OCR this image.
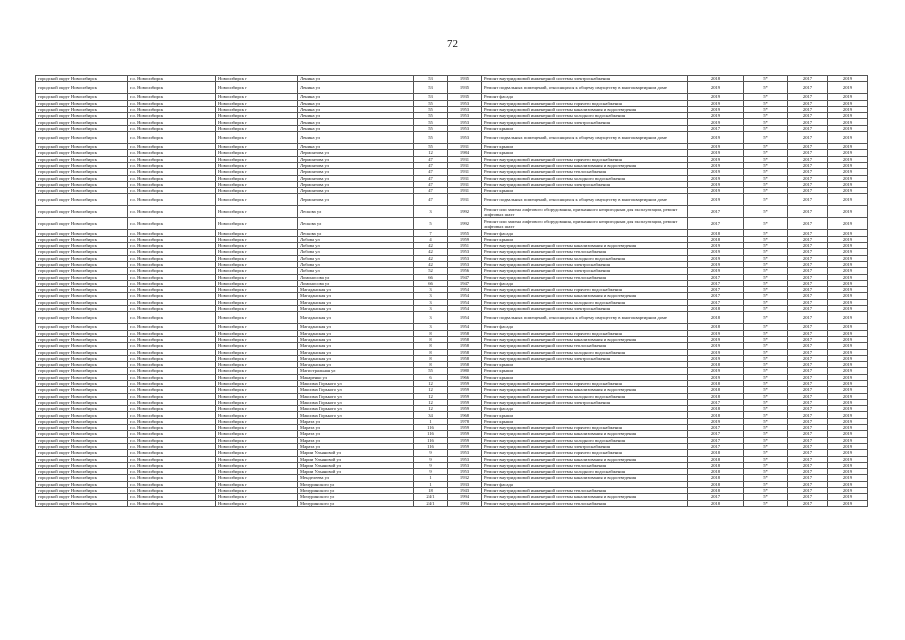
72
городской округ Новосибирск	г.о. Новосибирск	Новосибирск г	Ленина ул	53	1935	Ремонт внутридомовой инженерной системы электроснабжения	2018	5*	2017	2019
городской округ Новосибирск	г.о. Новосибирск	Новосибирск г	Ленина ул	53	1935	Ремонт подвальных помещений, относящихся к общему имуществу в многоквартирном доме	2019	5*	2017	2019
городской округ Новосибирск	г.о. Новосибирск	Новосибирск г	Ленина ул	53	1935	Ремонт фасада	2019	5*	2017	2019
городской округ Новосибирск	г.о. Новосибирск	Новосибирск г	Ленина ул	55	1953	Ремонт внутридомовой инженерной системы горячего водоснабжения	2019	5*	2017	2019
городской округ Новосибирск	г.о. Новосибирск	Новосибирск г	Ленина ул	55	1953	Ремонт внутридомовой инженерной системы канализования и водоотведения	2019	5*	2017	2019
городской округ Новосибирск	г.о. Новосибирск	Новосибирск г	Ленина ул	55	1953	Ремонт внутридомовой инженерной системы холодного водоснабжения	2019	5*	2017	2019
городской округ Новосибирск	г.о. Новосибирск	Новосибирск г	Ленина ул	55	1953	Ремонт внутридомовой инженерной системы электроснабжения	2019	5*	2017	2019
городской округ Новосибирск	г.о. Новосибирск	Новосибирск г	Ленина ул	55	1953	Ремонт крыши	2017	5*	2017	2019
городской округ Новосибирск	г.о. Новосибирск	Новосибирск г	Ленина ул	55	1953	Ремонт подвальных помещений, относящихся к общему имуществу в многоквартирном доме	2019	5*	2017	2019
городской округ Новосибирск	г.о. Новосибирск	Новосибирск г	Ленина ул	55	1931	Ремонт крыши	2019	5*	2017	2019
городской округ Новосибирск	г.о. Новосибирск	Новосибирск г	Лермонтова ул	12	1984	Ремонт крыши	2019	5*	2017	2019
городской округ Новосибирск	г.о. Новосибирск	Новосибирск г	Лермонтова ул	47	1931	Ремонт внутридомовой инженерной системы горячего водоснабжения	2019	5*	2017	2019
городской округ Новосибирск	г.о. Новосибирск	Новосибирск г	Лермонтова ул	47	1931	Ремонт внутридомовой инженерной системы канализования и водоотведения	2019	5*	2017	2019
городской округ Новосибирск	г.о. Новосибирск	Новосибирск г	Лермонтова ул	47	1931	Ремонт внутридомовой инженерной системы теплоснабжения	2019	5*	2017	2019
городской округ Новосибирск	г.о. Новосибирск	Новосибирск г	Лермонтова ул	47	1931	Ремонт внутридомовой инженерной системы холодного водоснабжения	2019	5*	2017	2019
городской округ Новосибирск	г.о. Новосибирск	Новосибирск г	Лермонтова ул	47	1931	Ремонт внутридомовой инженерной системы электроснабжения	2019	5*	2017	2019
городской округ Новосибирск	г.о. Новосибирск	Новосибирск г	Лермонтова ул	47	1931	Ремонт крыши	2019	5*	2017	2019
городской округ Новосибирск	г.о. Новосибирск	Новосибирск г	Лермонтова ул	47	1931	Ремонт подвальных помещений, относящихся к общему имуществу в многоквартирном доме	2019	5*	2017	2019
городской округ Новосибирск	г.о. Новосибирск	Новосибирск г	Лескова ул	3	1992	Ремонт или замена лифтового оборудования, признанного непригодным для эксплуатации, ремонт лифтовых шахт	2017	5*	2017	2019
городской округ Новосибирск	г.о. Новосибирск	Новосибирск г	Лескова ул	5	1992	Ремонт или замена лифтового оборудования, признанного непригодным для эксплуатации, ремонт лифтовых шахт	2017	5*	2017	2019
городской округ Новосибирск	г.о. Новосибирск	Новосибирск г	Лескова ул	7	1955	Ремонт фасада	2018	5*	2017	2019
городской округ Новосибирск	г.о. Новосибирск	Новосибирск г	Лобова ул	4	1959	Ремонт крыши	2018	5*	2017	2019
городской округ Новосибирск	г.о. Новосибирск	Новосибирск г	Лобова ул	42	1951	Ремонт внутридомовой инженерной системы канализования и водоотведения	2019	5*	2017	2019
городской округ Новосибирск	г.о. Новосибирск	Новосибирск г	Лобова ул	42	1953	Ремонт внутридомовой инженерной системы теплоснабжения	2019	5*	2017	2019
городской округ Новосибирск	г.о. Новосибирск	Новосибирск г	Лобова ул	42	1953	Ремонт внутридомовой инженерной системы холодного водоснабжения	2019	5*	2017	2019
городской округ Новосибирск	г.о. Новосибирск	Новосибирск г	Лобова ул	42	1953	Ремонт внутридомовой инженерной системы электроснабжения	2019	5*	2017	2019
городской округ Новосибирск	г.о. Новосибирск	Новосибирск г	Лобова ул	52	1956	Ремонт внутридомовой инженерной системы электроснабжения	2019	5*	2017	2019
городской округ Новосибирск	г.о. Новосибирск	Новосибирск г	Ломоносова ул	66	1947	Ремонт внутридомовой инженерной системы теплоснабжения	2017	5*	2017	2019
городской округ Новосибирск	г.о. Новосибирск	Новосибирск г	Ломоносова ул	66	1947	Ремонт фасада	2017	5*	2017	2019
городской округ Новосибирск	г.о. Новосибирск	Новосибирск г	Магаданская ул	3	1954	Ремонт внутридомовой инженерной системы горячего водоснабжения	2017	5*	2017	2019
городской округ Новосибирск	г.о. Новосибирск	Новосибирск г	Магаданская ул	3	1954	Ремонт внутридомовой инженерной системы канализования и водоотведения	2017	5*	2017	2019
городской округ Новосибирск	г.о. Новосибирск	Новосибирск г	Магаданская ул	3	1954	Ремонт внутридомовой инженерной системы холодного водоснабжения	2017	5*	2017	2019
городской округ Новосибирск	г.о. Новосибирск	Новосибирск г	Магаданская ул	3	1954	Ремонт внутридомовой инженерной системы электроснабжения	2018	5*	2017	2019
городской округ Новосибирск	г.о. Новосибирск	Новосибирск г	Магаданская ул	3	1954	Ремонт подвальных помещений, относящихся к общему имуществу в многоквартирном доме	2018	5*	2017	2019
городской округ Новосибирск	г.о. Новосибирск	Новосибирск г	Магаданская ул	3	1954	Ремонт фасада	2018	5*	2017	2019
городской округ Новосибирск	г.о. Новосибирск	Новосибирск г	Магаданская ул	8	1958	Ремонт внутридомовой инженерной системы горячего водоснабжения	2019	5*	2017	2019
городской округ Новосибирск	г.о. Новосибирск	Новосибирск г	Магаданская ул	8	1958	Ремонт внутридомовой инженерной системы канализования и водоотведения	2019	5*	2017	2019
городской округ Новосибирск	г.о. Новосибирск	Новосибирск г	Магаданская ул	8	1958	Ремонт внутридомовой инженерной системы теплоснабжения	2019	5*	2017	2019
городской округ Новосибирск	г.о. Новосибирск	Новосибирск г	Магаданская ул	8	1958	Ремонт внутридомовой инженерной системы холодного водоснабжения	2019	5*	2017	2019
городской округ Новосибирск	г.о. Новосибирск	Новосибирск г	Магаданская ул	8	1958	Ремонт внутридомовой инженерной системы электроснабжения	2019	5*	2017	2019
городской округ Новосибирск	г.о. Новосибирск	Новосибирск г	Магаданская ул	8	1958	Ремонт крыши	2018	5*	2017	2019
городской округ Новосибирск	г.о. Новосибирск	Новосибирск г	Магистральная ул	55	1980	Ремонт крыши	2019	5*	2017	2019
городской округ Новосибирск	г.о. Новосибирск	Новосибирск г	Макаренко ул	6	1966	Ремонт крыши	2019	5*	2017	2019
городской округ Новосибирск	г.о. Новосибирск	Новосибирск г	Максима Горького ул	12	1959	Ремонт внутридомовой инженерной системы горячего водоснабжения	2018	5*	2017	2019
городской округ Новосибирск	г.о. Новосибирск	Новосибирск г	Максима Горького ул	12	1959	Ремонт внутридомовой инженерной системы канализования и водоотведения	2018	5*	2017	2019
городской округ Новосибирск	г.о. Новосибирск	Новосибирск г	Максима Горького ул	12	1959	Ремонт внутридомовой инженерной системы холодного водоснабжения	2018	5*	2017	2019
городской округ Новосибирск	г.о. Новосибирск	Новосибирск г	Максима Горького ул	12	1959	Ремонт внутридомовой инженерной системы электроснабжения	2017	5*	2017	2019
городской округ Новосибирск	г.о. Новосибирск	Новосибирск г	Максима Горького ул	12	1959	Ремонт фасада	2018	5*	2017	2019
городской округ Новосибирск	г.о. Новосибирск	Новосибирск г	Максима Горького ул	34	1968	Ремонт крыши	2018	5*	2017	2019
городской округ Новосибирск	г.о. Новосибирск	Новосибирск г	Марата ул	1	1978	Ремонт крыши	2019	5*	2017	2019
городской округ Новосибирск	г.о. Новосибирск	Новосибирск г	Марата ул	116	1959	Ремонт внутридомовой инженерной системы горячего водоснабжения	2017	5*	2017	2019
городской округ Новосибирск	г.о. Новосибирск	Новосибирск г	Марата ул	116	1959	Ремонт внутридомовой инженерной системы канализования и водоотведения	2017	5*	2017	2019
городской округ Новосибирск	г.о. Новосибирск	Новосибирск г	Марата ул	116	1959	Ремонт внутридомовой инженерной системы холодного водоснабжения	2017	5*	2017	2019
городской округ Новосибирск	г.о. Новосибирск	Новосибирск г	Марата ул	116	1959	Ремонт внутридомовой инженерной системы электроснабжения	2017	5*	2017	2019
городской округ Новосибирск	г.о. Новосибирск	Новосибирск г	Марии Ульяновой ул	9	1953	Ремонт внутридомовой инженерной системы горячего водоснабжения	2018	5*	2017	2019
городской округ Новосибирск	г.о. Новосибирск	Новосибирск г	Марии Ульяновой ул	9	1953	Ремонт внутридомовой инженерной системы канализования и водоотведения	2018	5*	2017	2019
городской округ Новосибирск	г.о. Новосибирск	Новосибирск г	Марии Ульяновой ул	9	1953	Ремонт внутридомовой инженерной системы теплоснабжения	2018	5*	2017	2019
городской округ Новосибирск	г.о. Новосибирск	Новосибирск г	Марии Ульяновой ул	9	1953	Ремонт внутридомовой инженерной системы холодного водоснабжения	2018	5*	2017	2019
городской округ Новосибирск	г.о. Новосибирск	Новосибирск г	Менделеева ул	1	1932	Ремонт внутридомовой инженерной системы канализования и водоотведения	2018	5*	2017	2019
городской округ Новосибирск	г.о. Новосибирск	Новосибирск г	Мичуринского ул	1	1933	Ремонт фасада	2018	5*	2017	2019
городской округ Новосибирск	г.о. Новосибирск	Новосибирск г	Мичуринского ул	18	1943	Ремонт внутридомовой инженерной системы теплоснабжения	2018	5*	2017	2019
городской округ Новосибирск	г.о. Новосибирск	Новосибирск г	Мичуринского ул	24/1	1994	Ремонт внутридомовой инженерной системы канализования и водоотведения	2017	5*	2017	2019
городской округ Новосибирск	г.о. Новосибирск	Новосибирск г	Мичуринского ул	24/1	1994	Ремонт внутридомовой инженерной системы теплоснабжения	2018	5*	2017	2019
